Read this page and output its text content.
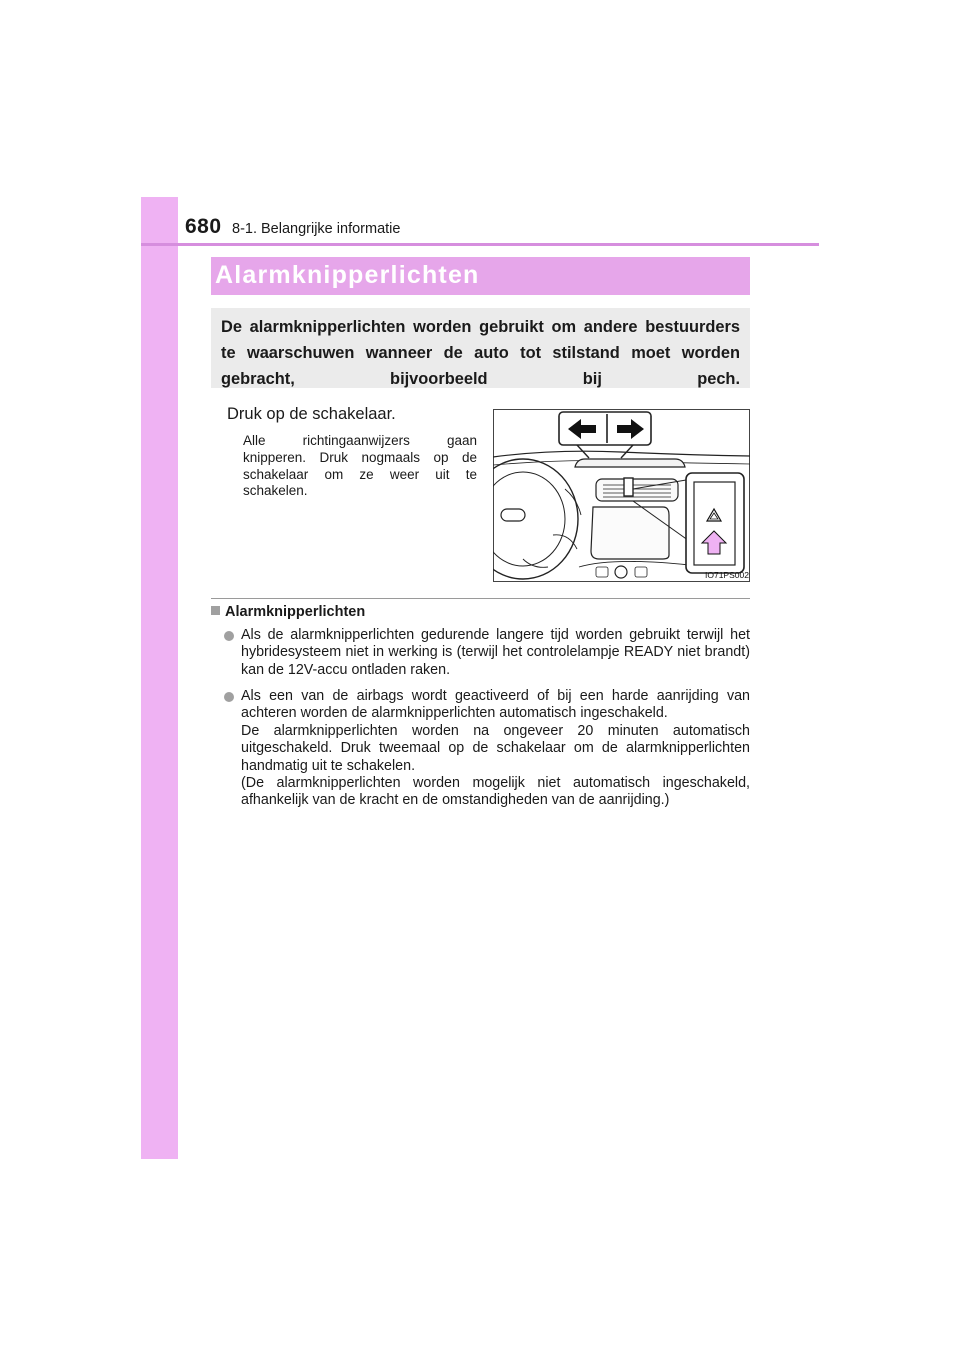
680 8-1. Belangrijke informatie
Alarmknipperlichten
De alarmknipperlichten worden gebruikt om andere bestuurders te waarschuwen wanneer de auto tot stilstand moet worden gebracht, bijvoorbeeld bij pech.
Druk op de schakelaar.
Alle richtingaanwijzers gaan knipperen. Druk nogmaals op de schakelaar om ze weer uit te schakelen.
IO71PS002
Alarmknipperlichten
Als de alarmknipperlichten gedurende langere tijd worden gebruikt terwijl het hybridesysteem niet in werking is (terwijl het controlelampje READY niet brandt) kan de 12V-accu ontladen raken.
Als een van de airbags wordt geactiveerd of bij een harde aanrijding van achteren worden de alarmknipperlichten automatisch ingeschakeld.
De alarmknipperlichten worden na ongeveer 20 minuten automatisch uitgeschakeld. Druk tweemaal op de schakelaar om de alarmknipperlichten handmatig uit te schakelen.
(De alarmknipperlichten worden mogelijk niet automatisch ingeschakeld, afhankelijk van de kracht en de omstandigheden van de aanrijding.)
